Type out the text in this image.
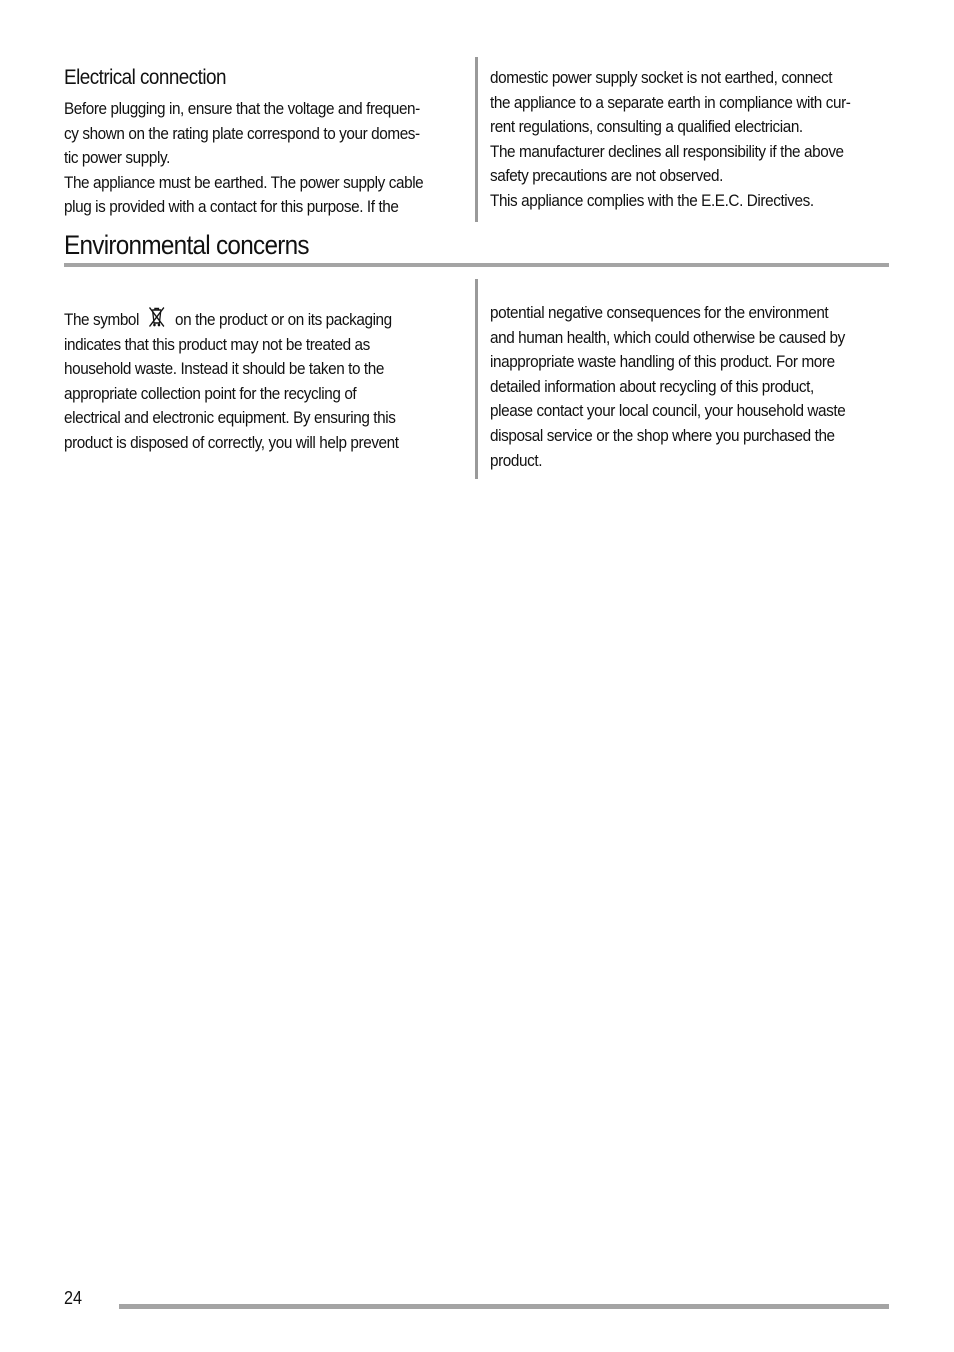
Electrical connection

Before plugging in, ensure that the voltage and frequen-

cy shown on the rating plate correspond to your domes-

tic power supply.

The appliance must be earthed. The power supply cable

plug is provided with a contact for this purpose. If the

domestic power supply socket is not earthed, connect

the appliance to a separate earth in compliance with cur-

rent regulations, consulting a qualified electrician.

The manufacturer declines all responsibility if the above

safety precautions are not observed.

This appliance complies with the E.E.C. Directives.

Environmental concerns

The symbol on the product or on its packaging

indicates that this product may not be treated as

household waste. Instead it should be taken to the

appropriate collection point for the recycling of

electrical and electronic equipment. By ensuring this

product is disposed of correctly, you will help prevent

potential negative consequences for the environment

and human health, which could otherwise be caused by

inappropriate waste handling of this product. For more

detailed information about recycling of this product,

please contact your local council, your household waste

disposal service or the shop where you purchased the

product.

24
